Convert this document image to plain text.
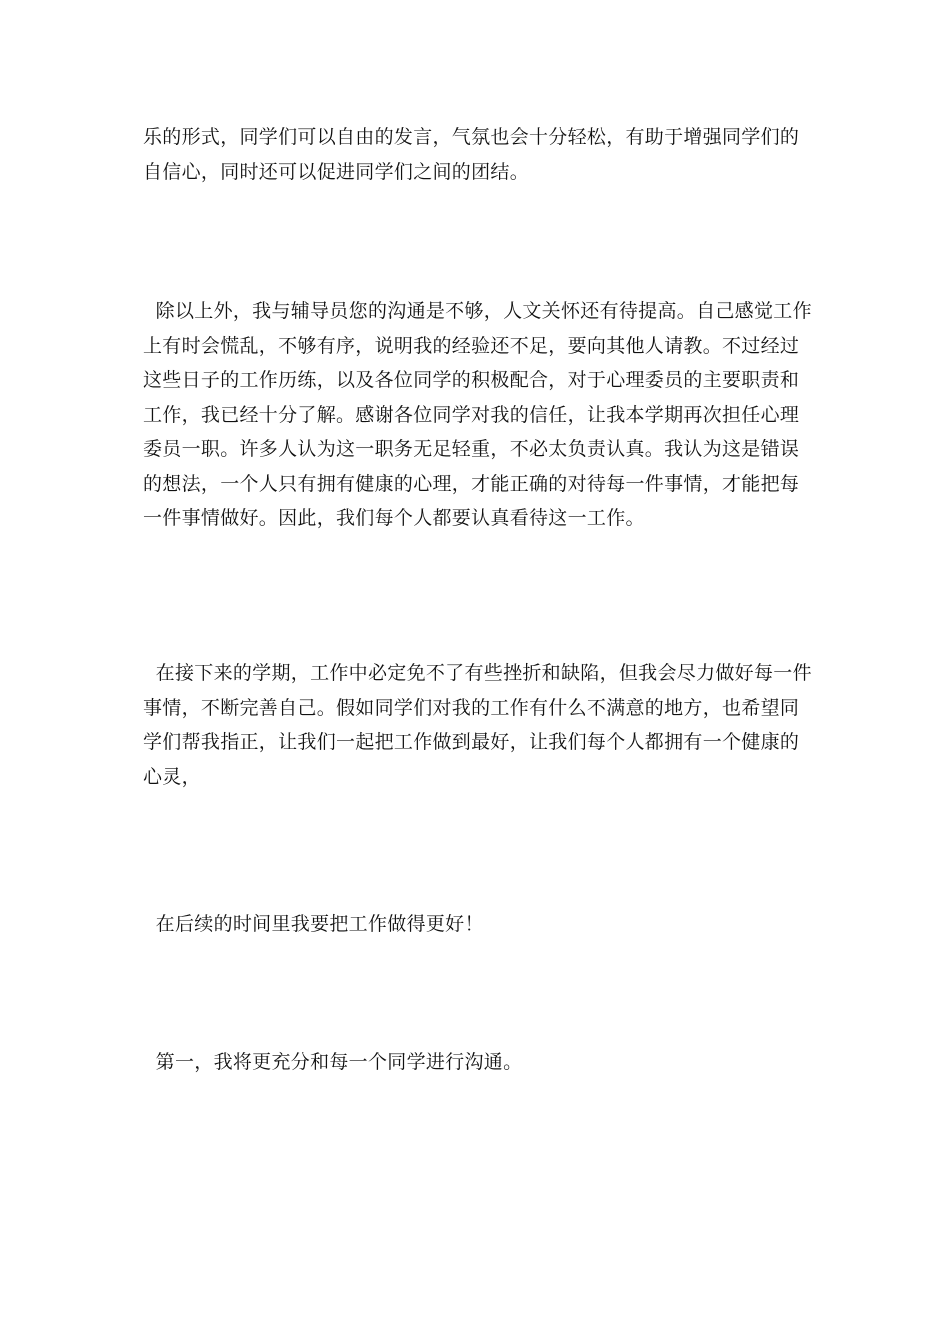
乐的形式，同学们可以自由的发言，气氛也会十分轻松，有助于增强同学们的
自信心，同时还可以促进同学们之间的团结。

除以上外，我与辅导员您的沟通是不够，人文关怀还有待提高。自己感觉工作
上有时会慌乱，不够有序，说明我的经验还不足，要向其他人请教。不过经过
这些日子的工作历练，以及各位同学的积极配合，对于心理委员的主要职责和
工作，我已经十分了解。感谢各位同学对我的信任，让我本学期再次担任心理
委员一职。许多人认为这一职务无足轻重，不必太负责认真。我认为这是错误
的想法，一个人只有拥有健康的心理，才能正确的对待每一件事情，才能把每
一件事情做好。因此，我们每个人都要认真看待这一工作。

在接下来的学期，工作中必定免不了有些挫折和缺陷，但我会尽力做好每一件
事情，不断完善自己。假如同学们对我的工作有什么不满意的地方，也希望同
学们帮我指正，让我们一起把工作做到最好，让我们每个人都拥有一个健康的
心灵，

在后续的时间里我要把工作做得更好！

第一，我将更充分和每一个同学进行沟通。
